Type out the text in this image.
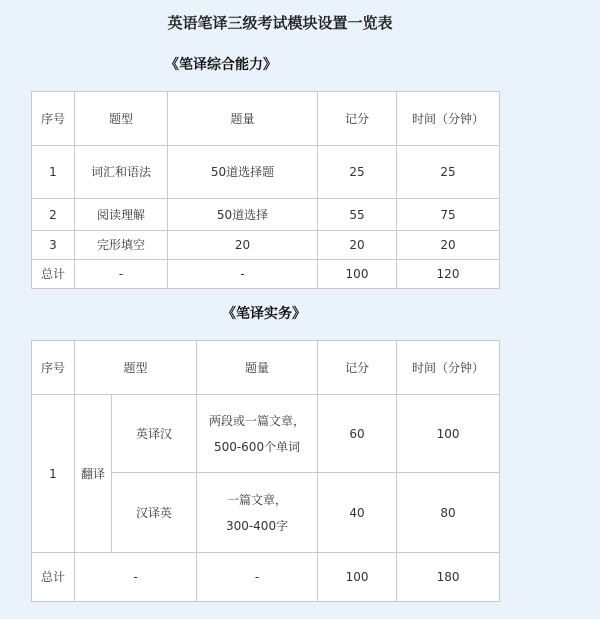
英语笔译三级考试模块设置一览表
《笔译综合能力》
序号	题型	题量	记分	时间（分钟）
1	词汇和语法	50道选择题	25	25
2	阅读理解	50道选择	55	75
3	完形填空	20	20	20
总计	-	-	100	120
《笔译实务》
序号	题型		题量	记分	时间（分钟）
1	翻译	英译汉	两段或一篇文章，
500-600个单词	60	100
		汉译英	一篇文章，
300-400字	40	80
总计	-		-	100	180
